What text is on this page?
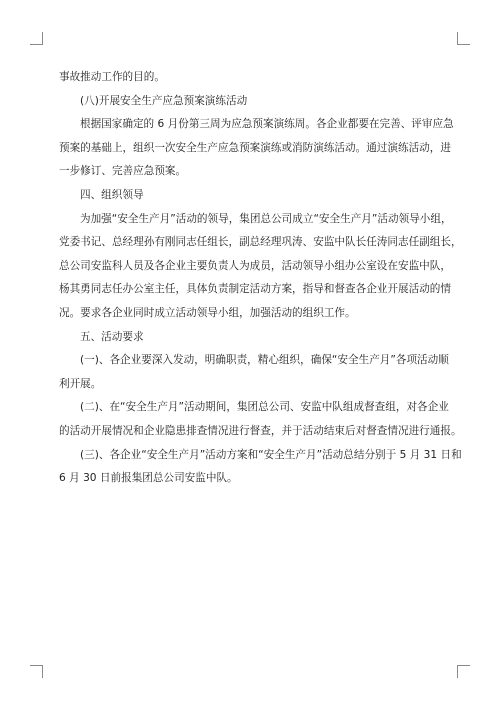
事故推动工作的目的。
(八)开展安全生产应急预案演练活动
根据国家确定的 6 月份第三周为应急预案演练周。各企业都要在完善、评审应急
预案的基础上，组织一次安全生产应急预案演练或消防演练活动。通过演练活动，进
一步修订、完善应急预案。
四、组织领导
为加强“安全生产月”活动的领导，集团总公司成立“安全生产月”活动领导小组，
党委书记、总经理孙有刚同志任组长，副总经理巩涛、安监中队长任涛同志任副组长，
总公司安监科人员及各企业主要负责人为成员，活动领导小组办公室设在安监中队，
杨其勇同志任办公室主任，具体负责制定活动方案，指导和督查各企业开展活动的情
况。要求各企业同时成立活动领导小组，加强活动的组织工作。
五、活动要求
(一)、各企业要深入发动，明确职责，精心组织，确保“安全生产月”各项活动顺
利开展。
(二)、在“安全生产月”活动期间，集团总公司、安监中队组成督查组，对各企业
的活动开展情况和企业隐患排查情况进行督查，并于活动结束后对督查情况进行通报。
(三)、各企业“安全生产月”活动方案和“安全生产月”活动总结分别于 5 月 31 日和
6 月 30 日前报集团总公司安监中队。
